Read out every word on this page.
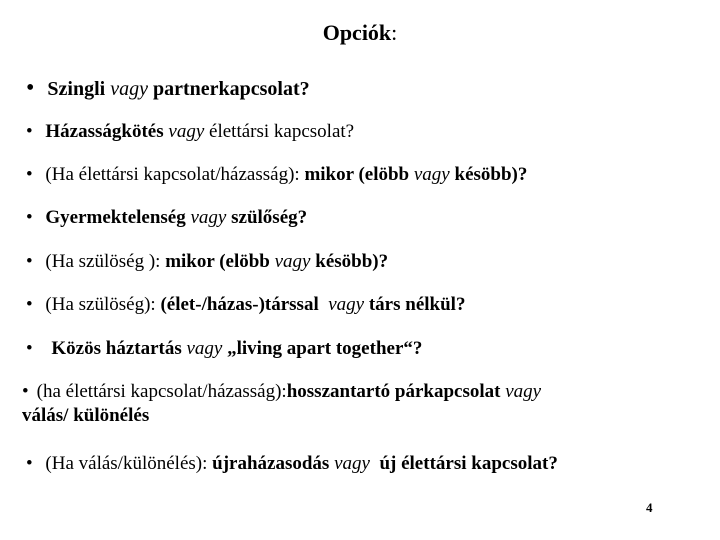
Opciók:
• Szingli vagy partnerkapcsolat?
• Házasságkötés vagy élettársi kapcsolat?
• (Ha élettársi kapcsolat/házasság): mikor (elöbb vagy késöbb)?
• Gyermektelenség vagy szülőség?
• (Ha szülöség ): mikor (elöbb vagy késöbb)?
• (Ha szülöség): (élet-/házas-)társsal  vagy társ nélkül?
• Közös háztartás vagy „living apart together“?
• (ha élettársi kapcsolat/házasság):hosszantartó párkapcsolat vagy
válás/ különélés
• (Ha válás/különélés): újraházasodás vagy  új élettársi kapcsolat?
4
